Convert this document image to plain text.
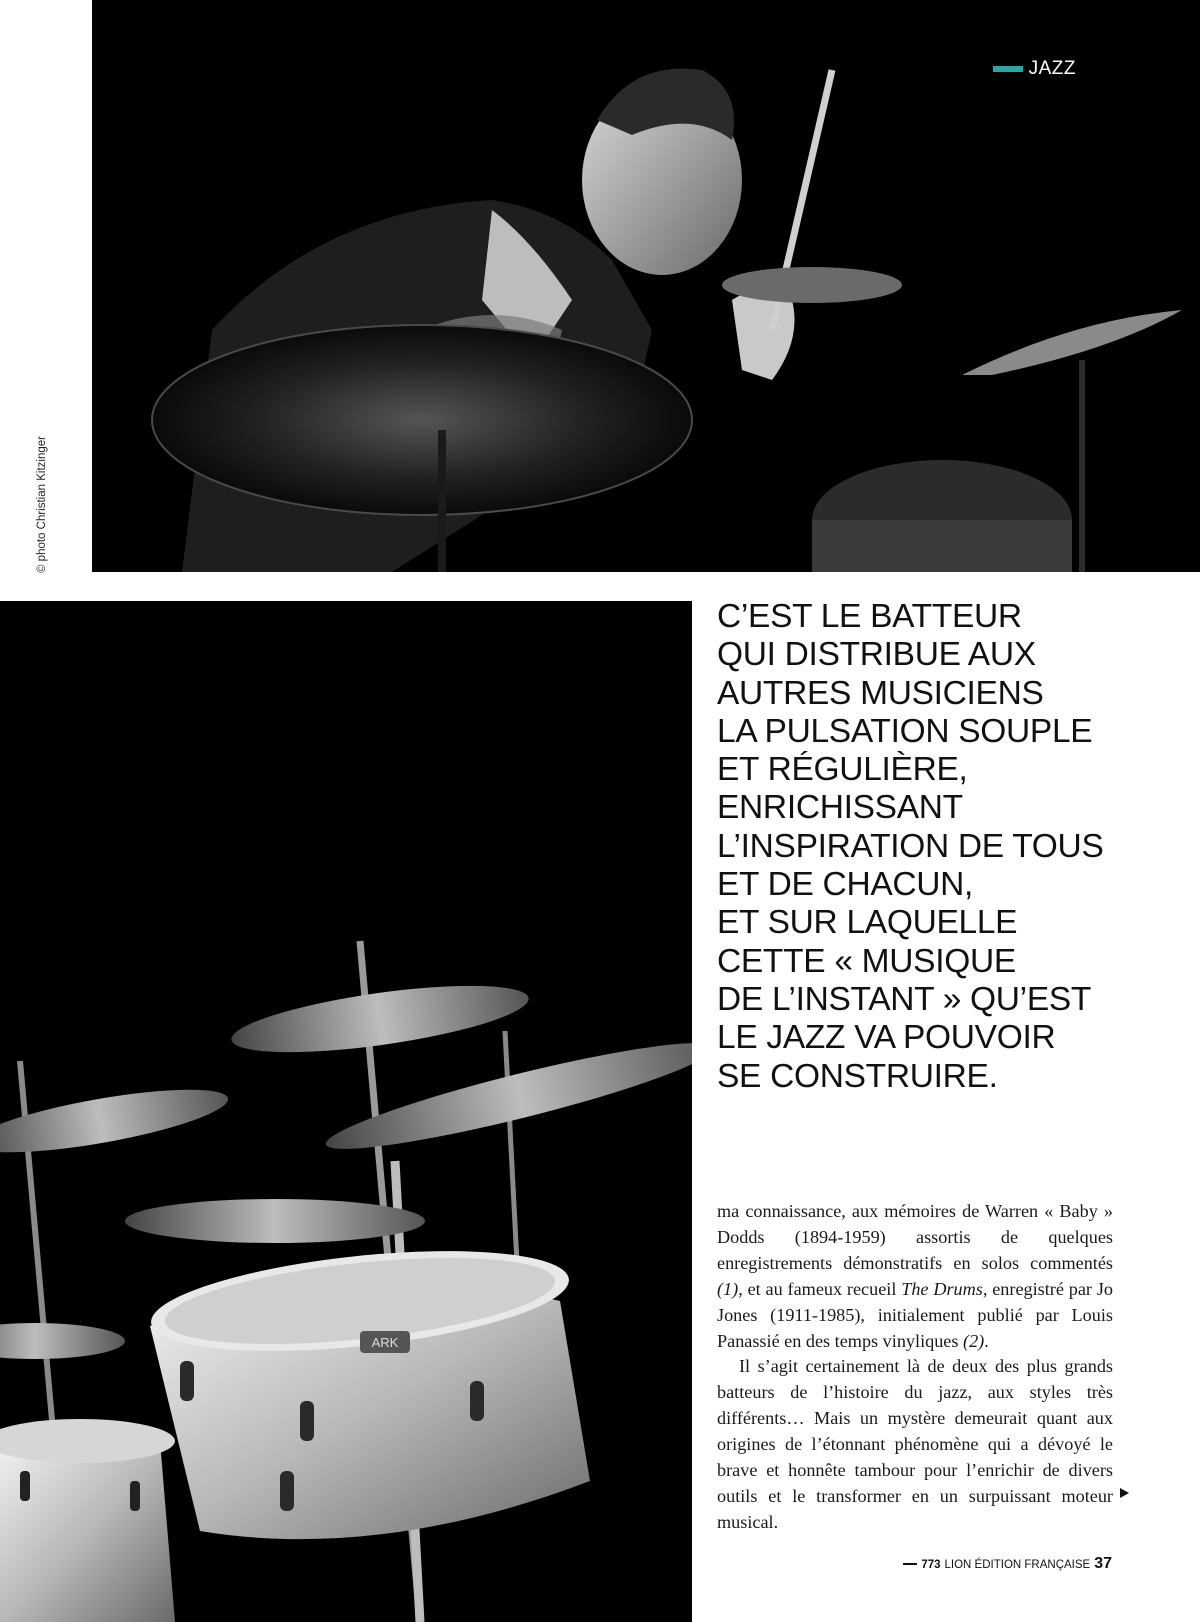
JAZZ
© photo Christian Kitzinger
ARK
C’EST LE BATTEUR
QUI DISTRIBUE AUX
AUTRES MUSICIENS
LA PULSATION SOUPLE
ET RÉGULIÈRE,
ENRICHISSANT
L’INSPIRATION DE TOUS
ET DE CHACUN,
ET SUR LAQUELLE
CETTE « MUSIQUE
DE L’INSTANT » QU’EST
LE JAZZ VA POUVOIR
SE CONSTRUIRE.

ma connaissance, aux mémoires de Warren « Baby » Dodds (1894-1959) assortis de quelques enregistrements démonstratifs en solos commentés (1), et au fameux recueil The Drums, enregistré par Jo Jones (1911-1985), initialement publié par Louis Panassié en des temps vinyliques (2).

Il s’agit certainement là de deux des plus grands batteurs de l’histoire du jazz, aux styles très différents… Mais un mystère demeurait quant aux origines de l’étonnant phénomène qui a dévoyé le brave et honnête tambour pour l’enrichir de divers outils et le transformer en un surpuissant moteur musical.

773 LION ÉDITION FRANÇAISE 37
